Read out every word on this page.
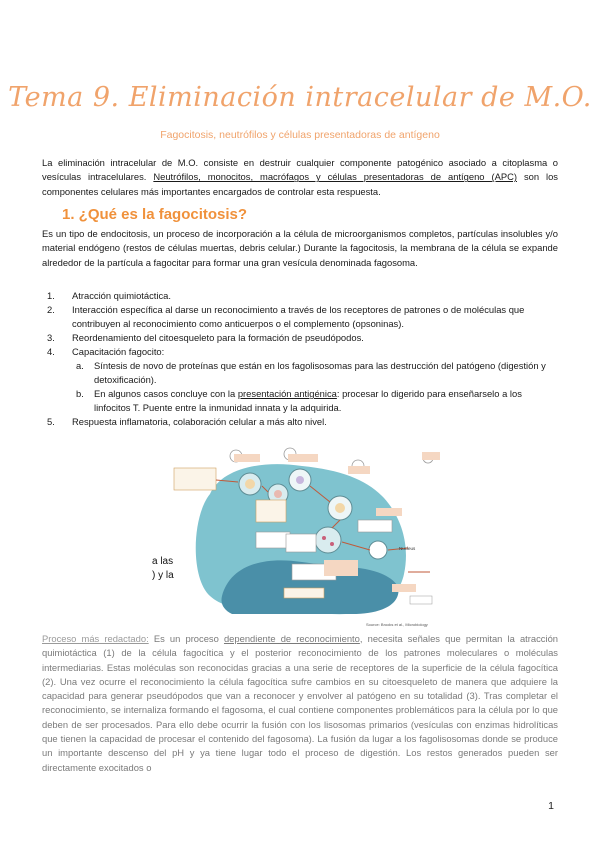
Tema 9. Eliminación intracelular de M.O.
Fagocitosis, neutrófilos y células presentadoras de antígeno
La eliminación intracelular de M.O. consiste en destruir cualquier componente patogénico asociado a citoplasma o vesículas intracelulares. Neutrófilos, monocitos, macrófagos y células presentadoras de antígeno (APC) son los componentes celulares más importantes encargados de controlar esta respuesta.
1. ¿Qué es la fagocitosis?
Es un tipo de endocitosis, un proceso de incorporación a la célula de microorganismos completos, partículas insolubles y/o material endógeno (restos de células muertas, debris celular.) Durante la fagocitosis, la membrana de la célula se expande alrededor de la partícula a fagocitar para formar una gran vesícula denominada fagosoma.
1. Atracción quimiotáctica.
2. Interacción específica al darse un reconocimiento a través de los receptores de patrones o de moléculas que contribuyen al reconocimiento como anticuerpos o el complemento (opsoninas).
3. Reordenamiento del citoesqueleto para la formación de pseudópodos.
4. Capacitación fagocito:
a. Síntesis de novo de proteínas que están en los fagolisosomas para las destrucción del patógeno (digestión y detoxificación).
b. En algunos casos concluye con la presentación antigénica: procesar lo digerido para enseñarselo a los linfocitos T. Puente entre la inmunidad innata y la adquirida.
5. Respuesta inflamatoria, colaboración celular a más alto nivel.
Nucleus
Source: Brooks et al., Microbiology
a las
) y la
Proceso más redactado: Es un proceso dependiente de reconocimiento, necesita señales que permitan la atracción quimiotáctica (1) de la célula fagocítica y el posterior reconocimiento de los patrones moleculares o moléculas intermediarias. Estas moléculas son reconocidas gracias a una serie de receptores de la superficie de la célula fagocítica (2). Una vez ocurre el reconocimiento la célula fagocítica sufre cambios en su citoesqueleto de manera que adquiere la capacidad para generar pseudópodos que van a reconocer y envolver al patógeno en su totalidad (3). Tras completar el reconocimiento, se internaliza formando el fagosoma, el cual contiene componentes problemáticos para la célula por lo que deben de ser procesados. Para ello debe ocurrir la fusión con los lisosomas primarios (vesículas con enzimas hidrolíticas que tienen la capacidad de procesar el contenido del fagosoma). La fusión da lugar a los fagolisosomas donde se produce un importante descenso del pH y ya tiene lugar todo el proceso de digestión. Los restos generados pueden ser directamente exocitados o
1
